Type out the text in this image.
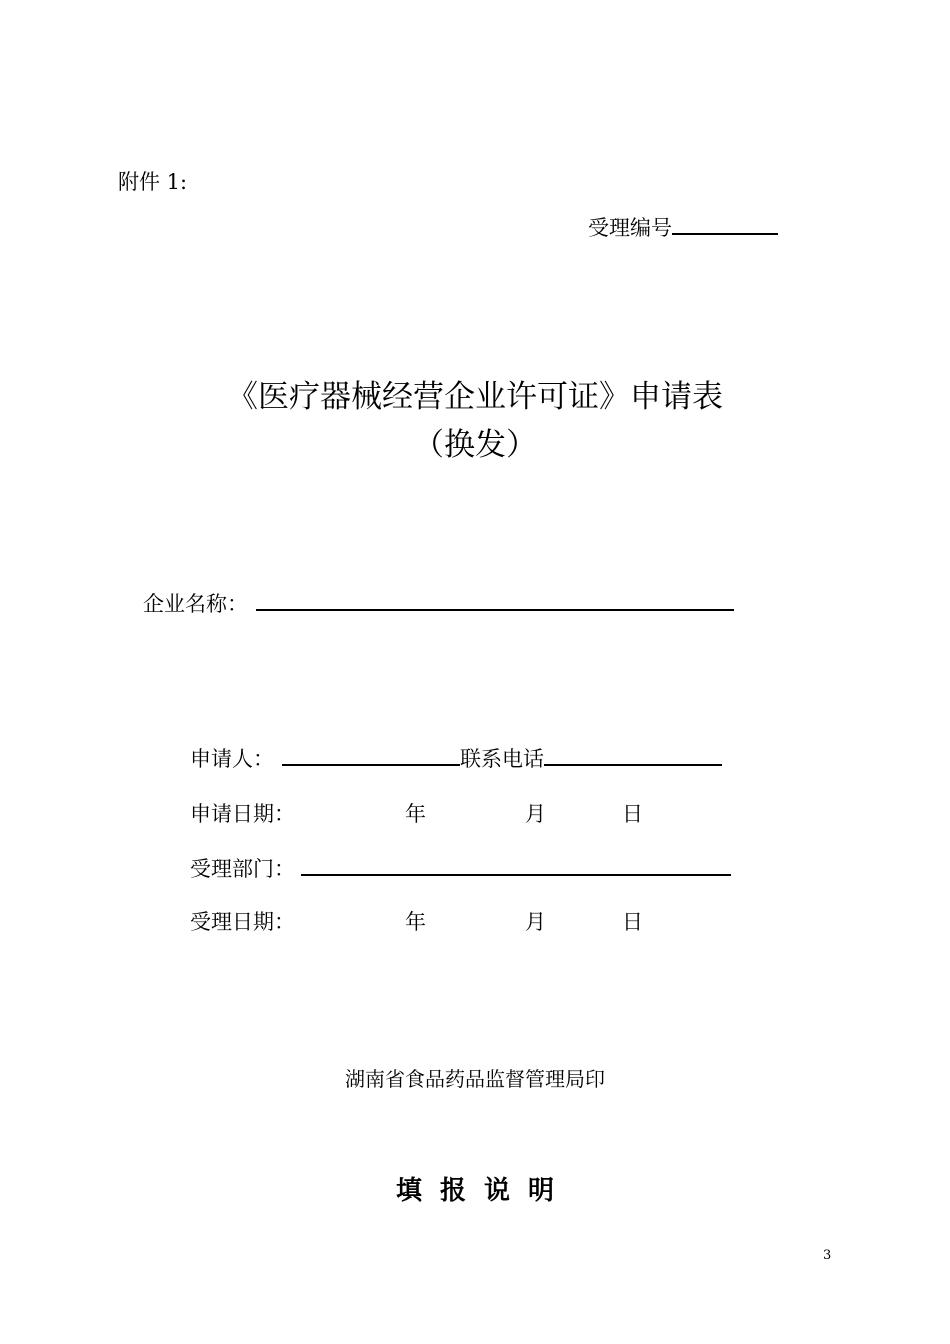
附件 1:
受理编号
《医疗器械经营企业许可证》申请表
（换发）
企业名称：
申请人：	联系电话
申请日期：	年	月	日
受理部门：
受理日期：	年	月	日
湖南省食品药品监督管理局印
填报说明
3
